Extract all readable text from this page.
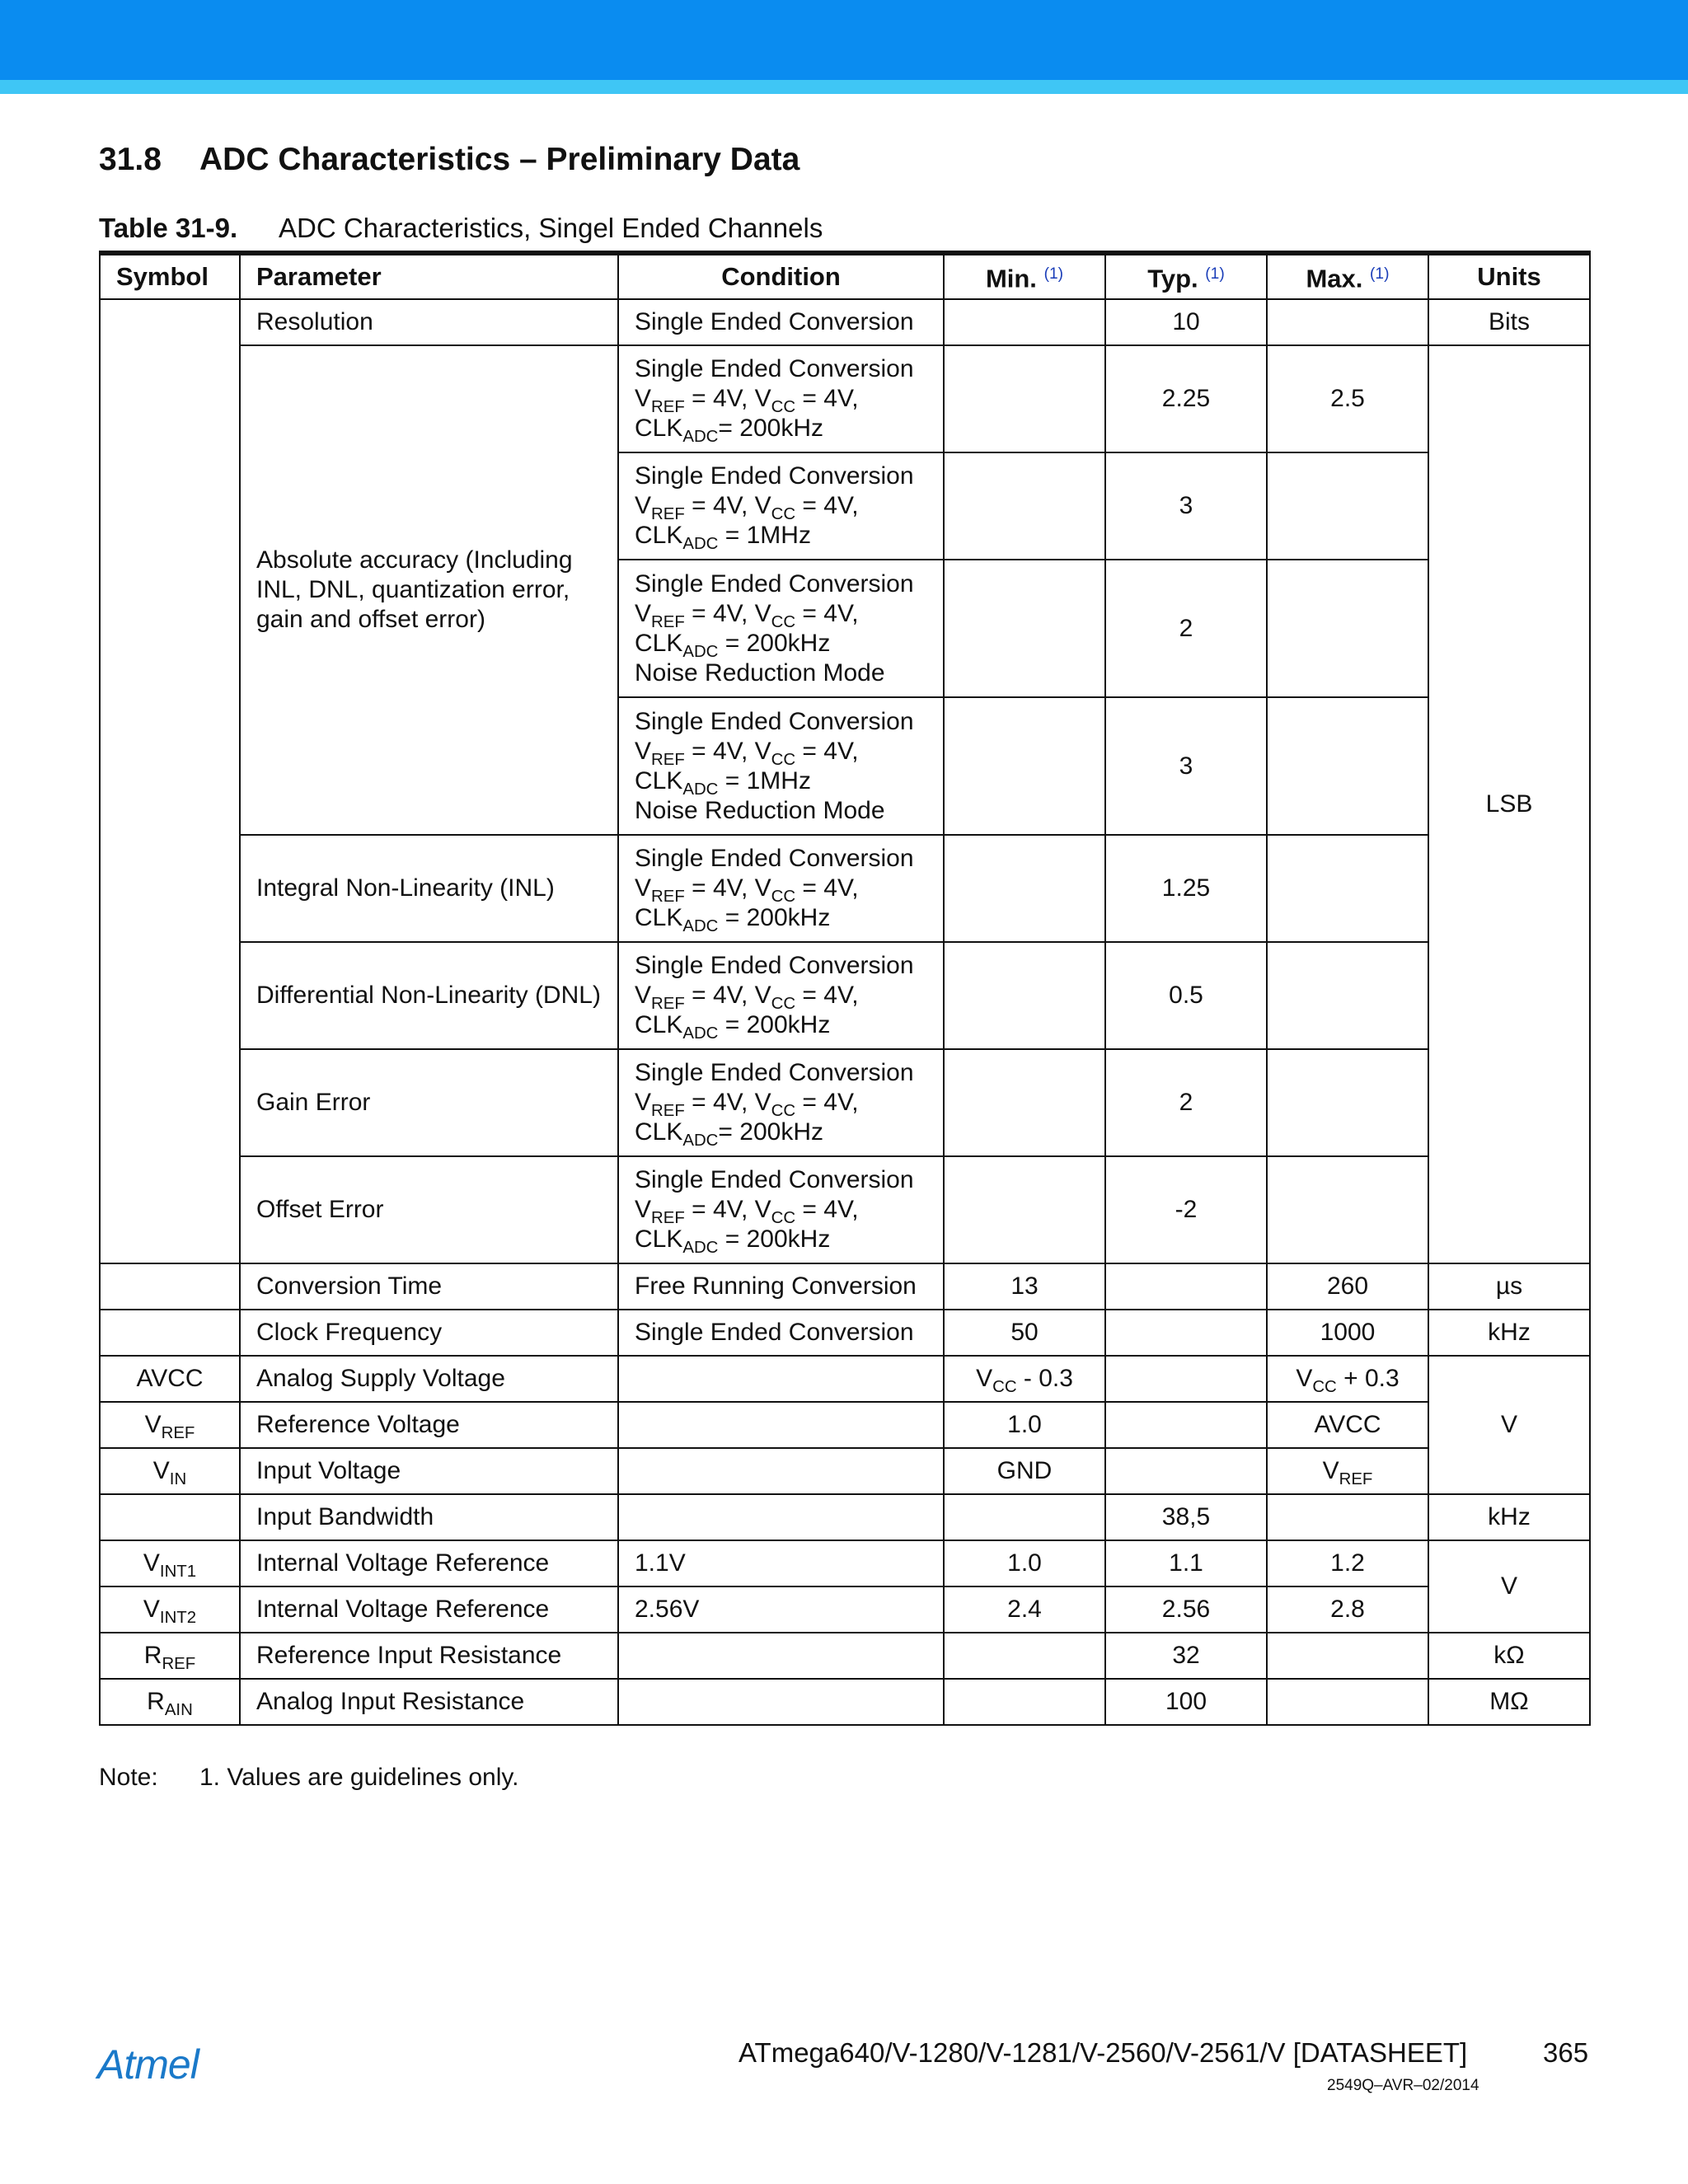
31.8 ADC Characteristics – Preliminary Data
Table 31-9. ADC Characteristics, Singel Ended Channels
Symbol	Parameter	Condition	Min. $^{(1)}$	Typ. $^{(1)}$	Max. $^{(1)}$	Units
	Resolution	Single Ended Conversion		10		Bits
	Absolute accuracy (Including INL, DNL, quantization error, gain and offset error)	Single Ended Conversion
$V_{REF} = 4V$, $V_{CC} = 4V$,
$CLK_{ADC}= 200kHz$		2.25	2.5	LSB

		Single Ended Conversion
$V_{REF} = 4V$, $V_{CC} = 4V$,
$CLK_{ADC} = 1MHz$		3		

		Single Ended Conversion
$V_{REF} = 4V$, $V_{CC} = 4V$,
$CLK_{ADC} = 200kHz$
Noise Reduction Mode		2		

		Single Ended Conversion
$V_{REF} = 4V$, $V_{CC} = 4V$,
$CLK_{ADC} = 1MHz$
Noise Reduction Mode		3		
	Integral Non-Linearity (INL)	Single Ended Conversion
$V_{REF} = 4V$, $V_{CC} = 4V$,
$CLK_{ADC} = 200kHz$		1.25		
	Differential Non-Linearity (DNL)	Single Ended Conversion
$V_{REF} = 4V$, $V_{CC} = 4V$,
$CLK_{ADC} = 200kHz$		0.5		
	Gain Error	Single Ended Conversion
$V_{REF} = 4V$, $V_{CC} = 4V$,
$CLK_{ADC}= 200kHz$		2		
	Offset Error	Single Ended Conversion
$V_{REF} = 4V$, $V_{CC} = 4V$,
$CLK_{ADC} = 200kHz$		-2		
	Conversion Time	Free Running Conversion	13		260	µs
	Clock Frequency	Single Ended Conversion	50		1000	kHz
AVCC	Analog Supply Voltage		$V_{CC} - 0.3$		$V_{CC} + 0.3$	V
$V_{REF}$	Reference Voltage		1.0		AVCC	
$V_{IN}$	Input Voltage		GND		$V_{REF}$
	Input Bandwidth			38,5		kHz
$V_{INT1}$	Internal Voltage Reference	1.1V	1.0	1.1	1.2	V
$V_{INT2}$	Internal Voltage Reference	2.56V	2.4	2.56	2.8	
$R_{REF}$	Reference Input Resistance			32		kΩ
$R_{AIN}$	Analog Input Resistance			100		MΩ
Note: 1. Values are guidelines only.
Atmel	ATmega640/V-1280/V-1281/V-2560/V-2561/V [DATASHEET]	365
2549Q–AVR–02/2014
